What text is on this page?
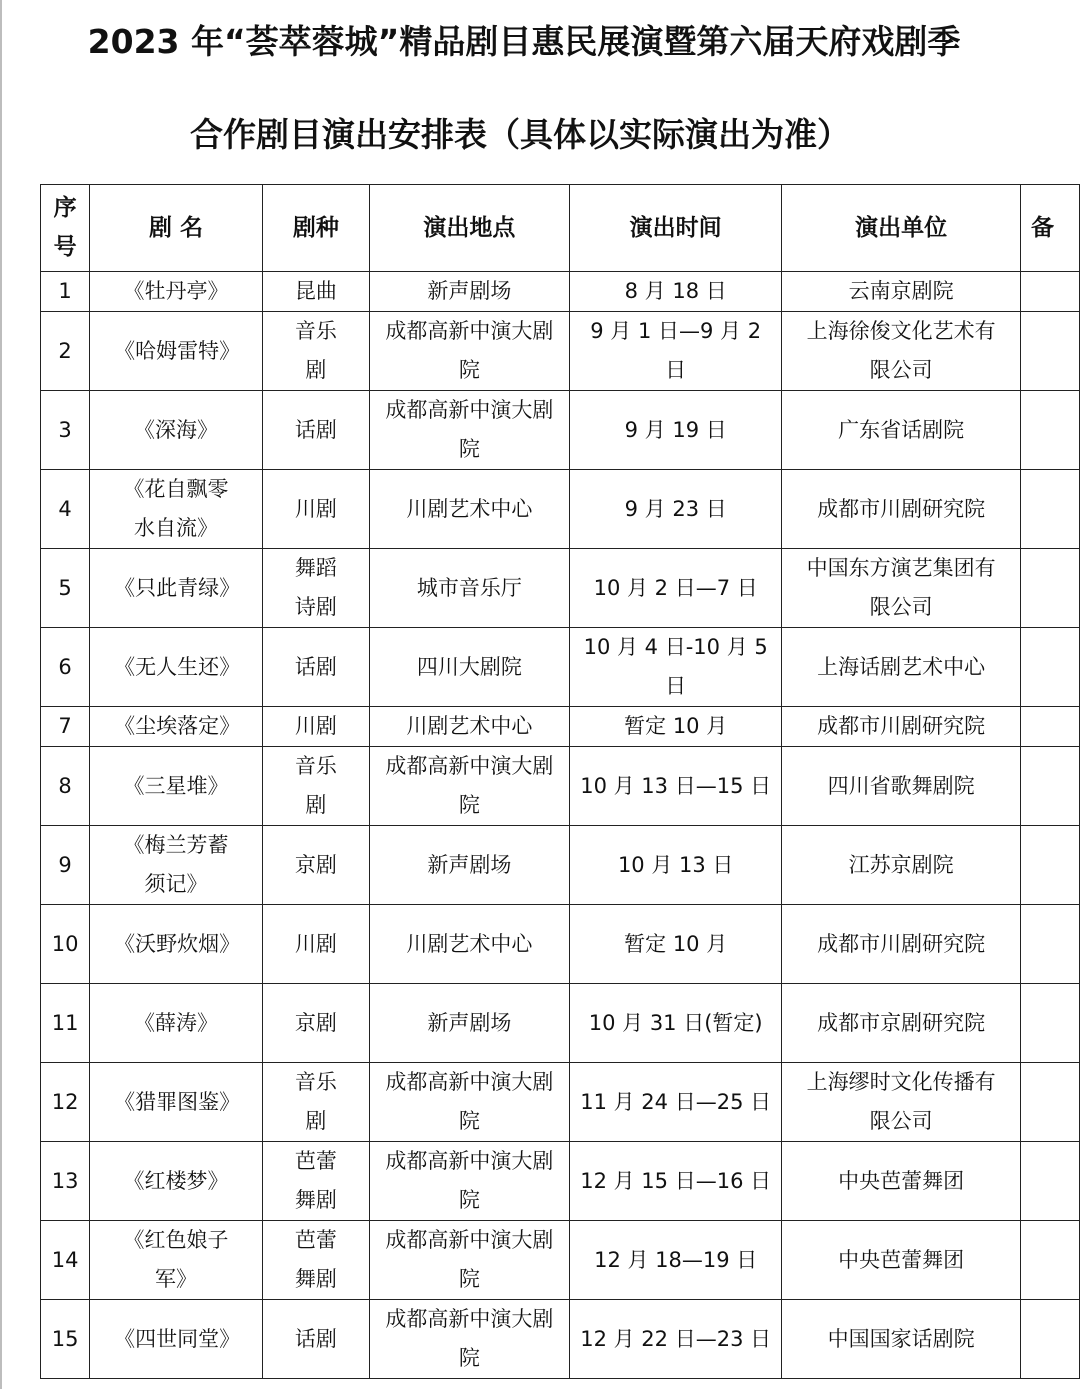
2023 年“荟萃蓉城”精品剧目惠民展演暨第六届天府戏剧季
合作剧目演出安排表（具体以实际演出为准）
序号	剧 名	剧种	演出地点	演出时间	演出单位	备
1	《牡丹亭》	昆曲	新声剧场	8 月 18 日	云南京剧院	
2	《哈姆雷特》	音乐剧	成都高新中演大剧院	9 月 1 日—9 月 2 日	上海徐俊文化艺术有限公司	
3	《深海》	话剧	成都高新中演大剧院	9 月 19 日	广东省话剧院	
4	《花自飘零水自流》	川剧	川剧艺术中心	9 月 23 日	成都市川剧研究院	
5	《只此青绿》	舞蹈诗剧	城市音乐厅	10 月 2 日—7 日	中国东方演艺集团有限公司	
6	《无人生还》	话剧	四川大剧院	10 月 4 日-10 月 5 日	上海话剧艺术中心	
7	《尘埃落定》	川剧	川剧艺术中心	暂定 10 月	成都市川剧研究院	
8	《三星堆》	音乐剧	成都高新中演大剧院	10 月 13 日—15 日	四川省歌舞剧院	
9	《梅兰芳蓄须记》	京剧	新声剧场	10 月 13 日	江苏京剧院	
10	《沃野炊烟》	川剧	川剧艺术中心	暂定 10 月	成都市川剧研究院	
11	《薛涛》	京剧	新声剧场	10 月 31 日(暂定)	成都市京剧研究院	
12	《猎罪图鉴》	音乐剧	成都高新中演大剧院	11 月 24 日—25 日	上海缪时文化传播有限公司	
13	《红楼梦》	芭蕾舞剧	成都高新中演大剧院	12 月 15 日—16 日	中央芭蕾舞团	
14	《红色娘子军》	芭蕾舞剧	成都高新中演大剧院	12 月 18—19 日	中央芭蕾舞团	
15	《四世同堂》	话剧	成都高新中演大剧院	12 月 22 日—23 日	中国国家话剧院	
